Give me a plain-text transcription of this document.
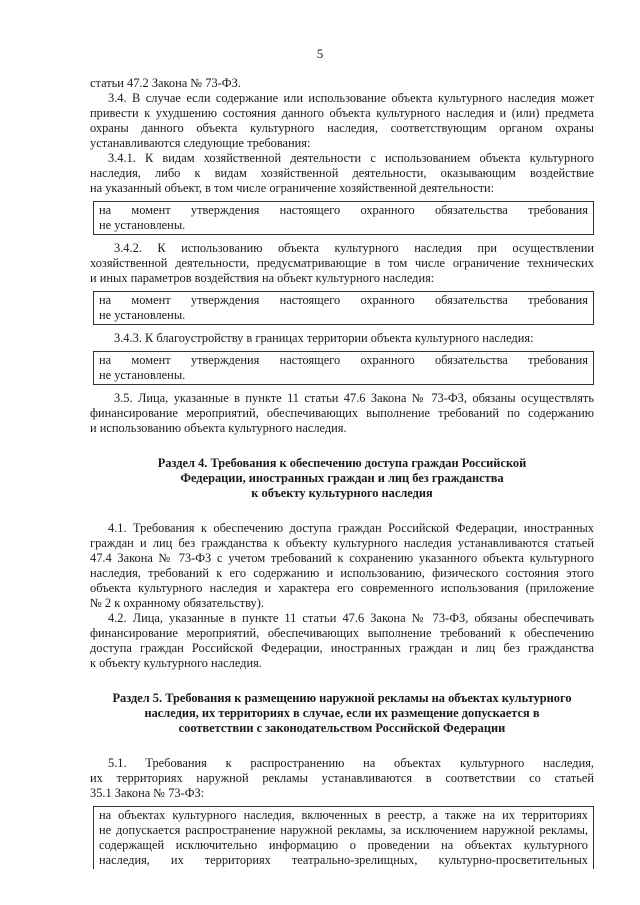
5

статьи 47.2 Закона № 73-ФЗ.

3.4. В случае если содержание или использование объекта культурного наследия может
привести к ухудшению состояния данного объекта культурного наследия и (или) предмета
охраны данного объекта культурного наследия, соответствующим органом охраны
устанавливаются следующие требования:
3.4.1. К видам хозяйственной деятельности с использованием объекта культурного
наследия, либо к видам хозяйственной деятельности, оказывающим воздействие
на указанный объект, в том числе ограничение хозяйственной деятельности:
на момент утверждения настоящего охранного обязательства требования
не установлены.
3.4.2. К использованию объекта культурного наследия при осуществлении
хозяйственной деятельности, предусматривающие в том числе ограничение технических
и иных параметров воздействия на объект культурного наследия:
на момент утверждения настоящего охранного обязательства требования
не установлены.

3.4.3. К благоустройству в границах территории объекта культурного наследия:

на момент утверждения настоящего охранного обязательства требования
не установлены.
3.5. Лица, указанные в пункте 11 статьи 47.6 Закона № 73-ФЗ, обязаны осуществлять
финансирование мероприятий, обеспечивающих выполнение требований по содержанию
и использованию объекта культурного наследия.
Раздел 4. Требования к обеспечению доступа граждан Российской
Федерации, иностранных граждан и лиц без гражданства
к объекту культурного наследия
4.1. Требования к обеспечению доступа граждан Российской Федерации, иностранных
граждан и лиц без гражданства к объекту культурного наследия устанавливаются статьей
47.4 Закона № 73-ФЗ с учетом требований к сохранению указанного объекта культурного
наследия, требований к его содержанию и использованию, физического состояния этого
объекта культурного наследия и характера его современного использования (приложение
№ 2 к охранному обязательству).
4.2. Лица, указанные в пункте 11 статьи 47.6 Закона № 73-ФЗ, обязаны обеспечивать
финансирование мероприятий, обеспечивающих выполнение требований к обеспечению
доступа граждан Российской Федерации, иностранных граждан и лиц без гражданства
к объекту культурного наследия.
Раздел 5. Требования к размещению наружной рекламы на объектах культурного
наследия, их территориях в случае, если их размещение допускается в
соответствии с законодательством Российской Федерации
5.1. Требования к распространению на объектах культурного наследия,
их территориях наружной рекламы устанавливаются в соответствии со статьей
35.1 Закона № 73-ФЗ:
на объектах культурного наследия, включенных в реестр, а также на их территориях
не допускается распространение наружной рекламы, за исключением наружной рекламы,
содержащей исключительно информацию о проведении на объектах культурного
наследия, их территориях театрально-зрелищных, культурно-просветительных
